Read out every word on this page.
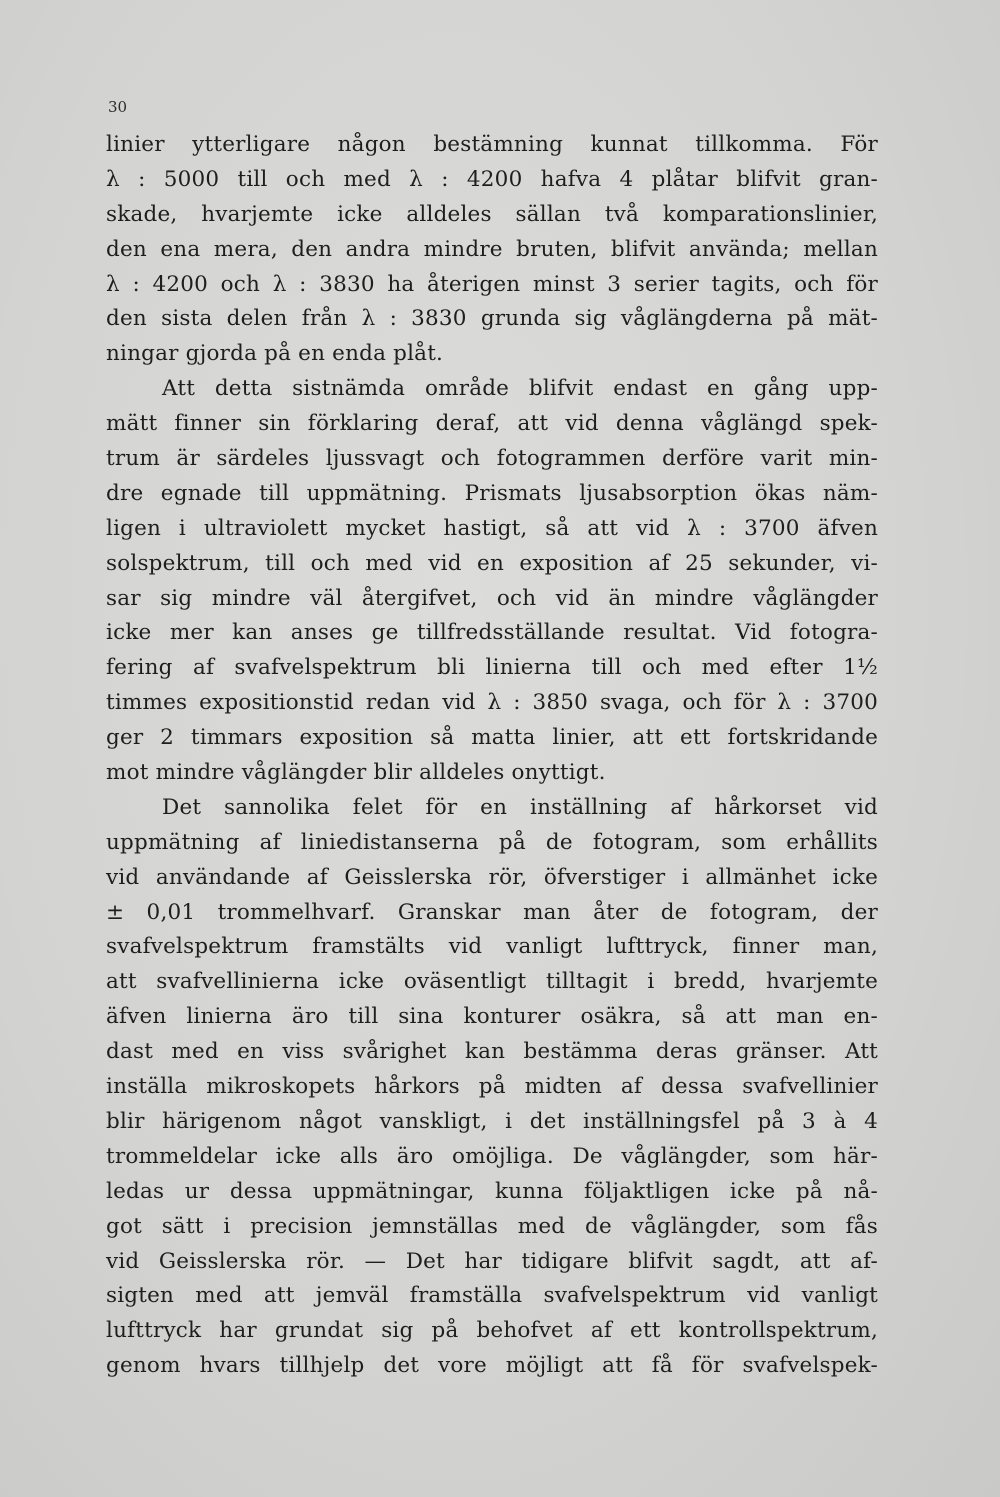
30
linier ytterligare någon bestämning kunnat tillkomma. För
λ : 5000 till och med λ : 4200 hafva 4 plåtar blifvit gran-
skade, hvarjemte icke alldeles sällan två komparationslinier,
den ena mera, den andra mindre bruten, blifvit använda; mellan
λ : 4200 och λ : 3830 ha återigen minst 3 serier tagits, och för
den sista delen från λ : 3830 grunda sig våglängderna på mät-
ningar gjorda på en enda plåt.
Att detta sistnämda område blifvit endast en gång upp-
mätt finner sin förklaring deraf, att vid denna våglängd spek-
trum är särdeles ljussvagt och fotogrammen derföre varit min-
dre egnade till uppmätning. Prismats ljusabsorption ökas näm-
ligen i ultraviolett mycket hastigt, så att vid λ : 3700 äfven
solspektrum, till och med vid en exposition af 25 sekunder, vi-
sar sig mindre väl återgifvet, och vid än mindre våglängder
icke mer kan anses ge tillfredsställande resultat. Vid fotogra-
fering af svafvelspektrum bli linierna till och med efter 1½
timmes expositionstid redan vid λ : 3850 svaga, och för λ : 3700
ger 2 timmars exposition så matta linier, att ett fortskridande
mot mindre våglängder blir alldeles onyttigt.
Det sannolika felet för en inställning af hårkorset vid
uppmätning af liniedistanserna på de fotogram, som erhållits
vid användande af Geisslerska rör, öfverstiger i allmänhet icke
± 0,01 trommelhvarf. Granskar man åter de fotogram, der
svafvelspektrum framstälts vid vanligt lufttryck, finner man,
att svafvellinierna icke oväsentligt tilltagit i bredd, hvarjemte
äfven linierna äro till sina konturer osäkra, så att man en-
dast med en viss svårighet kan bestämma deras gränser. Att
inställa mikroskopets hårkors på midten af dessa svafvellinier
blir härigenom något vanskligt, i det inställningsfel på 3 à 4
trommeldelar icke alls äro omöjliga. De våglängder, som här-
ledas ur dessa uppmätningar, kunna följaktligen icke på nå-
got sätt i precision jemnställas med de våglängder, som fås
vid Geisslerska rör. — Det har tidigare blifvit sagdt, att af-
sigten med att jemväl framställa svafvelspektrum vid vanligt
lufttryck har grundat sig på behofvet af ett kontrollspektrum,
genom hvars tillhjelp det vore möjligt att få för svafvelspek-
